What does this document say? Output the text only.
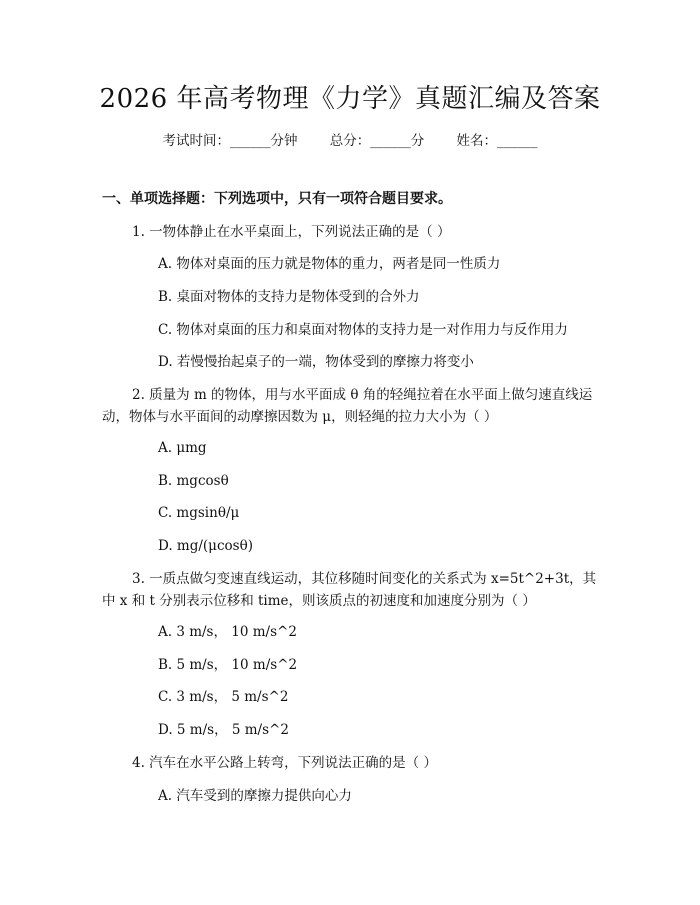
2026 年高考物理《力学》真题汇编及答案
考试时间：______分钟 总分：______分 姓名：______
一、单项选择题：下列选项中，只有一项符合题目要求。
1. 一物体静止在水平桌面上，下列说法正确的是（ ）
A. 物体对桌面的压力就是物体的重力，两者是同一性质力
B. 桌面对物体的支持力是物体受到的合外力
C. 物体对桌面的压力和桌面对物体的支持力是一对作用力与反作用力
D. 若慢慢抬起桌子的一端，物体受到的摩擦力将变小
2. 质量为 m 的物体，用与水平面成 θ 角的轻绳拉着在水平面上做匀速直线运
动，物体与水平面间的动摩擦因数为 μ，则轻绳的拉力大小为（ ）
A. μmg
B. mgcosθ
C. mgsinθ/μ
D. mg/(μcosθ)
3. 一质点做匀变速直线运动，其位移随时间变化的关系式为 x=5t^2+3t，其
中 x 和 t 分别表示位移和 time，则该质点的初速度和加速度分别为（ ）
A. 3 m/s， 10 m/s^2
B. 5 m/s， 10 m/s^2
C. 3 m/s， 5 m/s^2
D. 5 m/s， 5 m/s^2
4. 汽车在水平公路上转弯，下列说法正确的是（ ）
A. 汽车受到的摩擦力提供向心力
